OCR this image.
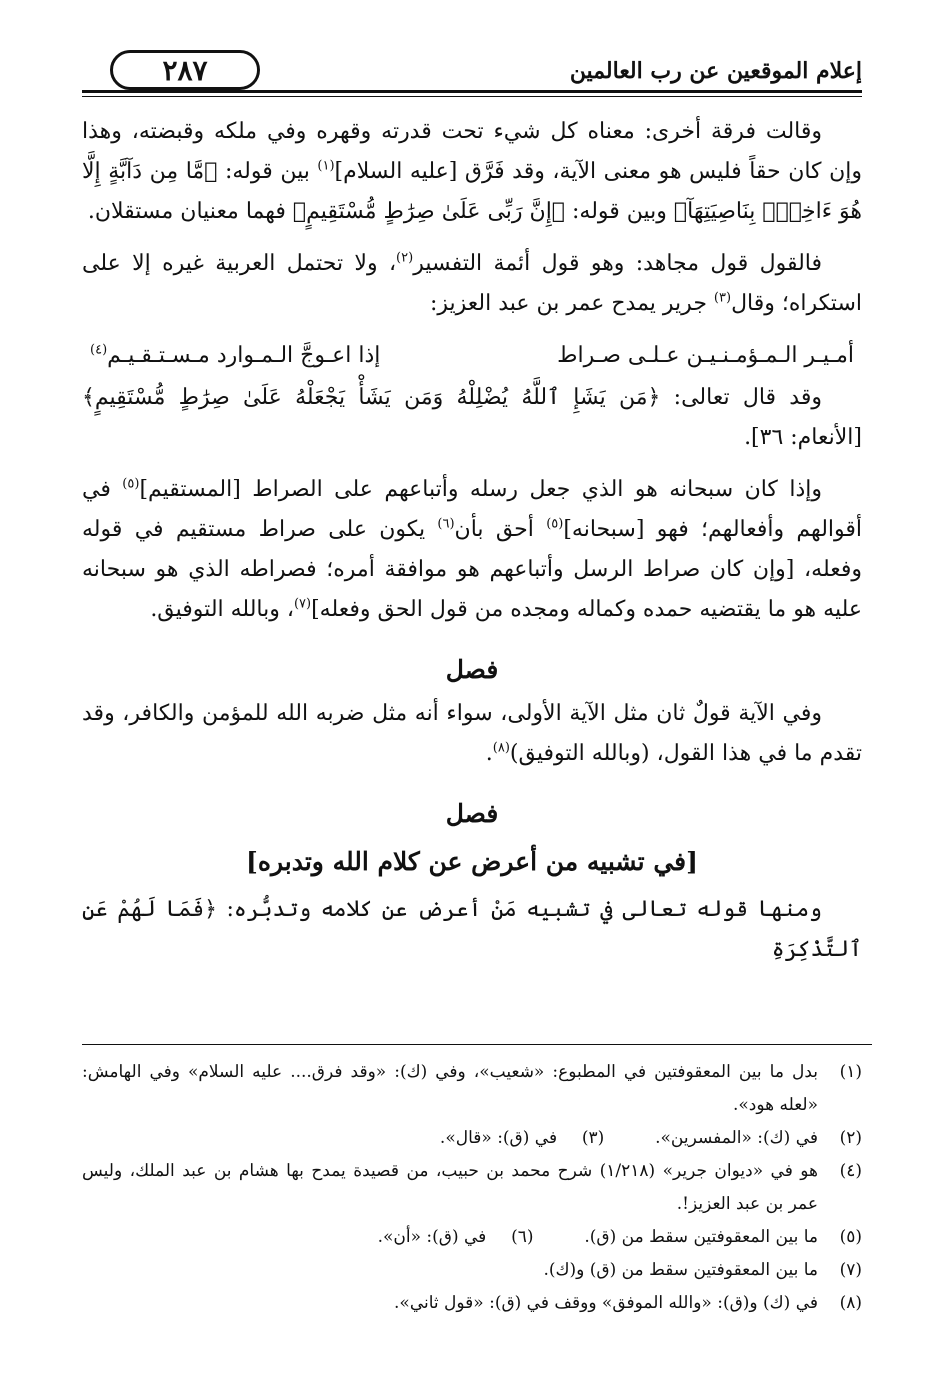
إعلام الموقعين عن رب العالمين
٢٨٧

وقالت فرقة أخرى: معناه كل شيء تحت قدرته وقهره وفي ملكه وقبضته، وهذا وإن كان حقاً فليس هو معنى الآية، وقد فَرَّق [عليه السلام]$^{(١)}$ بين قوله: ﴿مَّا مِن دَآبَّةٍ إِلَّا هُوَ ءَاخِذٌۢ بِنَاصِيَتِهَآ﴾ وبين قوله: ﴿إِنَّ رَبِّى عَلَىٰ صِرَٰطٍ مُّسْتَقِيمٍ﴾ فهما معنيان مستقلان.

فالقول قول مجاهد: وهو قول أئمة التفسير$^{(٢)}$، ولا تحتمل العربية غيره إلا على استكراه؛ وقال$^{(٣)}$ جرير يمدح عمر بن عبد العزيز:

أمـيـر الـمـؤمـنـيـن عـلـى صـراط
إذا اعـوجَّ الـمـوارد مـسـتـقـيـم$^{(٤)}$

وقد قال تعالى: ﴿مَن يَشَإِ ٱللَّهُ يُضْلِلْهُ وَمَن يَشَأْ يَجْعَلْهُ عَلَىٰ صِرَٰطٍ مُّسْتَقِيمٍ﴾ [الأنعام: ٣٦].

وإذا كان سبحانه هو الذي جعل رسله وأتباعهم على الصراط [المستقيم]$^{(٥)}$ في أقوالهم وأفعالهم؛ فهو [سبحانه]$^{(٥)}$ أحق بأن$^{(٦)}$ يكون على صراط مستقيم في قوله وفعله، [وإن كان صراط الرسل وأتباعهم هو موافقة أمره؛ فصراطه الذي هو سبحانه عليه هو ما يقتضيه حمده وكماله ومجده من قول الحق وفعله]$^{(٧)}$، وبالله التوفيق.

فصل

وفي الآية قولٌ ثان مثل الآية الأولى، سواء أنه مثل ضربه الله للمؤمن والكافر، وقد تقدم ما في هذا القول، (وبالله التوفيق)$^{(٨)}$.

فصل
[في تشبيه من أعرض عن كلام الله وتدبره]

ومنها قوله تعالى في تشبيه مَنْ أعرض عن كلامه وتدبُّره: ﴿فَمَا لَهُمْ عَنِ ٱلتَّذْكِرَةِ

(١)
بدل ما بين المعقوفتين في المطبوع: «شعيب»، وفي (ك): «وقد فرق.... عليه السلام» وفي الهامش: «لعله هود».
(٢)
في (ك): «المفسرين».  (٣)  في (ق): «قال».
(٤)
هو في «ديوان جرير» (١/٢١٨) شرح محمد بن حبيب، من قصيدة يمدح بها هشام بن عبد الملك، وليس عمر بن عبد العزيز!.
(٥)
ما بين المعقوفتين سقط من (ق).  (٦)  في (ق): «أن».
(٧)
ما بين المعقوفتين سقط من (ق) و(ك).
(٨)
في (ك) و(ق): «والله الموفق» ووقف في (ق): «قول ثاني».
